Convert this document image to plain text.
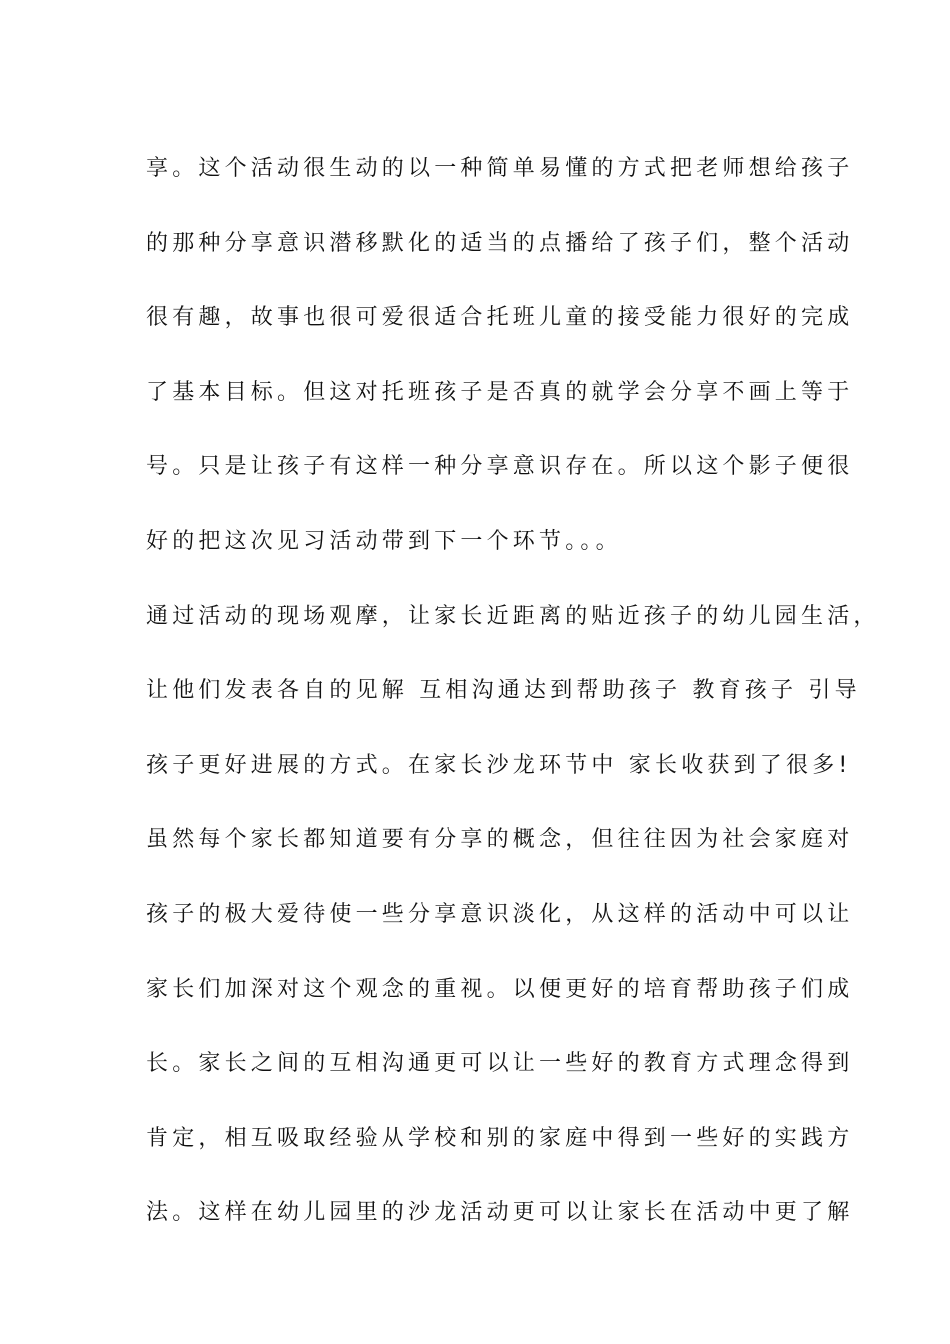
享。这个活动很生动的以一种简单易懂的方式把老师想给孩子
的那种分享意识潜移默化的适当的点播给了孩子们，整个活动
很有趣，故事也很可爱很适合托班儿童的接受能力很好的完成
了基本目标。但这对托班孩子是否真的就学会分享不画上等于
号。只是让孩子有这样一种分享意识存在。所以这个影子便很
好的把这次见习活动带到下一个环节。。。
通过活动的现场观摩，让家长近距离的贴近孩子的幼儿园生活，
让他们发表各自的见解 互相沟通达到帮助孩子 教育孩子 引导
孩子更好进展的方式。在家长沙龙环节中 家长收获到了很多!
虽然每个家长都知道要有分享的概念，但往往因为社会家庭对
孩子的极大爱待使一些分享意识淡化，从这样的活动中可以让
家长们加深对这个观念的重视。以便更好的培育帮助孩子们成
长。家长之间的互相沟通更可以让一些好的教育方式理念得到
肯定，相互吸取经验从学校和别的家庭中得到一些好的实践方
法。这样在幼儿园里的沙龙活动更可以让家长在活动中更了解
